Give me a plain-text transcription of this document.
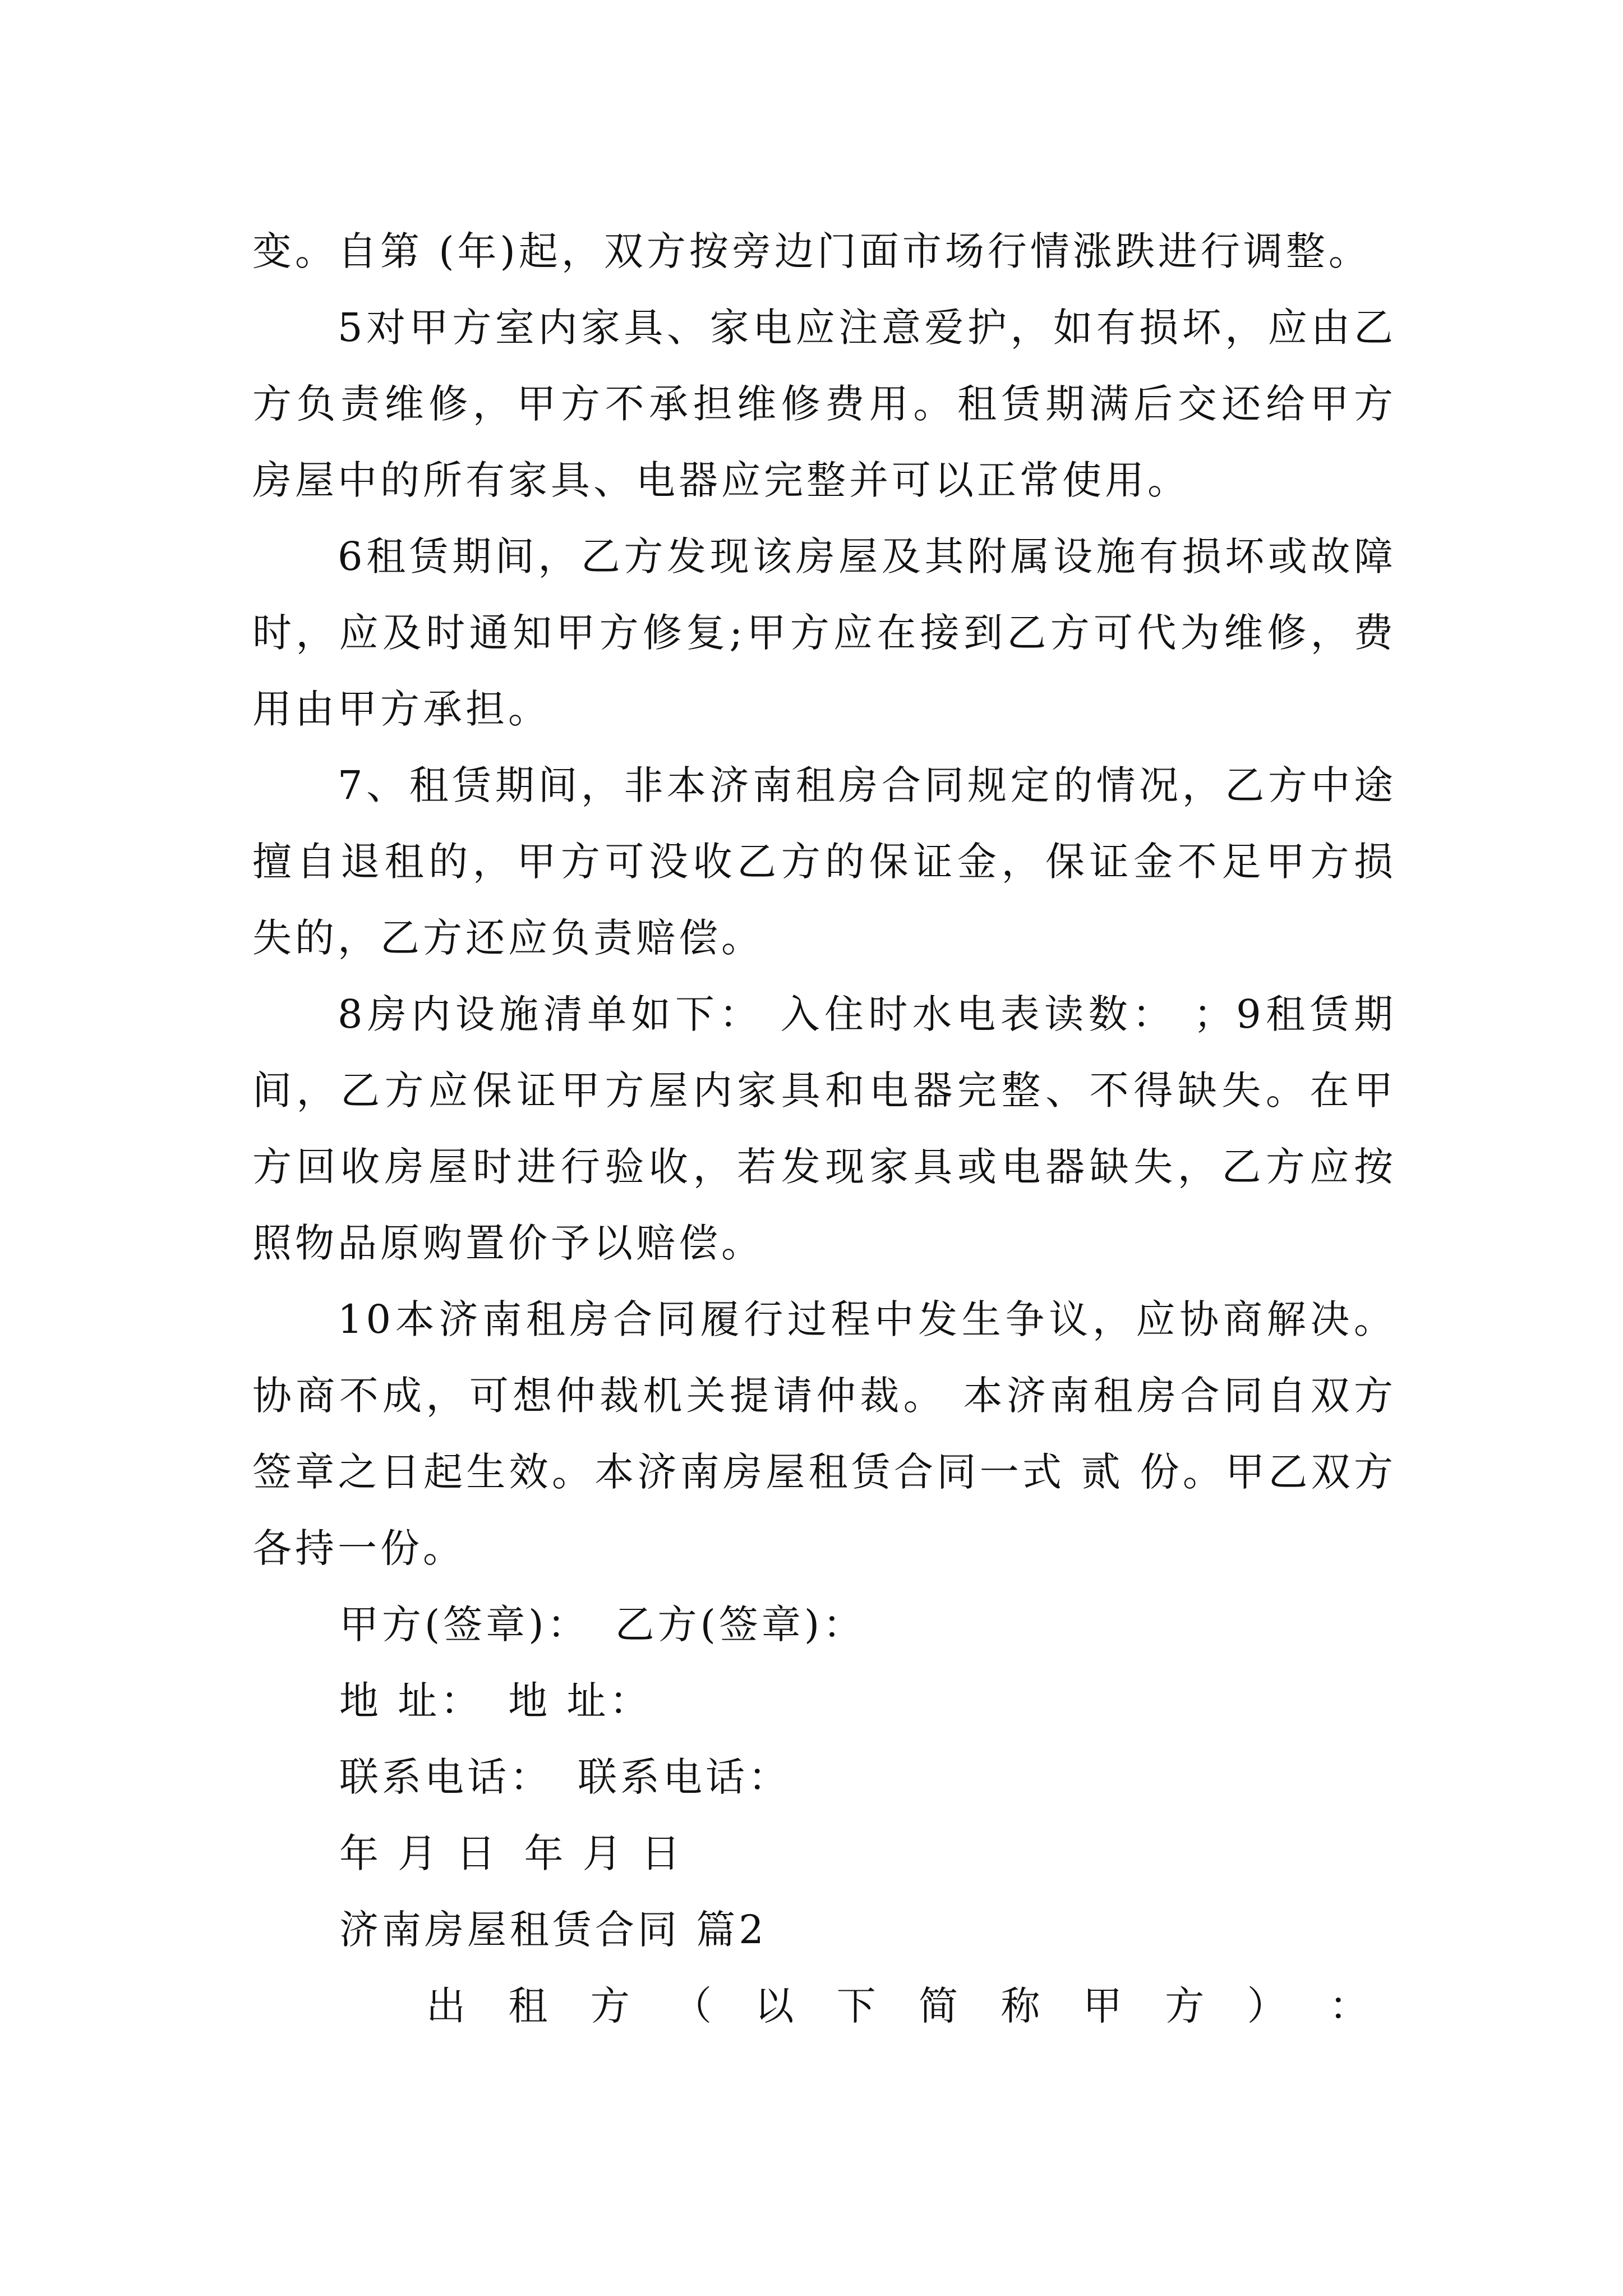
变。自第 (年)起，双方按旁边门面市场行情涨跌进行调整。

5对甲方室内家具、家电应注意爱护，如有损坏，应由乙方负责维修，甲方不承担维修费用。租赁期满后交还给甲方房屋中的所有家具、电器应完整并可以正常使用。

6租赁期间，乙方发现该房屋及其附属设施有损坏或故障时，应及时通知甲方修复;甲方应在接到乙方可代为维修，费用由甲方承担。

7、租赁期间，非本济南租房合同规定的情况，乙方中途擅自退租的，甲方可没收乙方的保证金，保证金不足甲方损失的，乙方还应负责赔偿。

8房内设施清单如下： 入住时水电表读数： ；9租赁期间，乙方应保证甲方屋内家具和电器完整、不得缺失。在甲方回收房屋时进行验收，若发现家具或电器缺失，乙方应按照物品原购置价予以赔偿。

10本济南租房合同履行过程中发生争议，应协商解决。协商不成，可想仲裁机关提请仲裁。 本济南租房合同自双方签章之日起生效。本济南房屋租赁合同一式 贰 份。甲乙双方各持一份。

甲方(签章)： 乙方(签章)：
地 址： 地 址：
联系电话： 联系电话：
年 月 日 年 月 日
济南房屋租赁合同 篇2
出 租 方 （ 以 下 简 称 甲 方 ） ：
